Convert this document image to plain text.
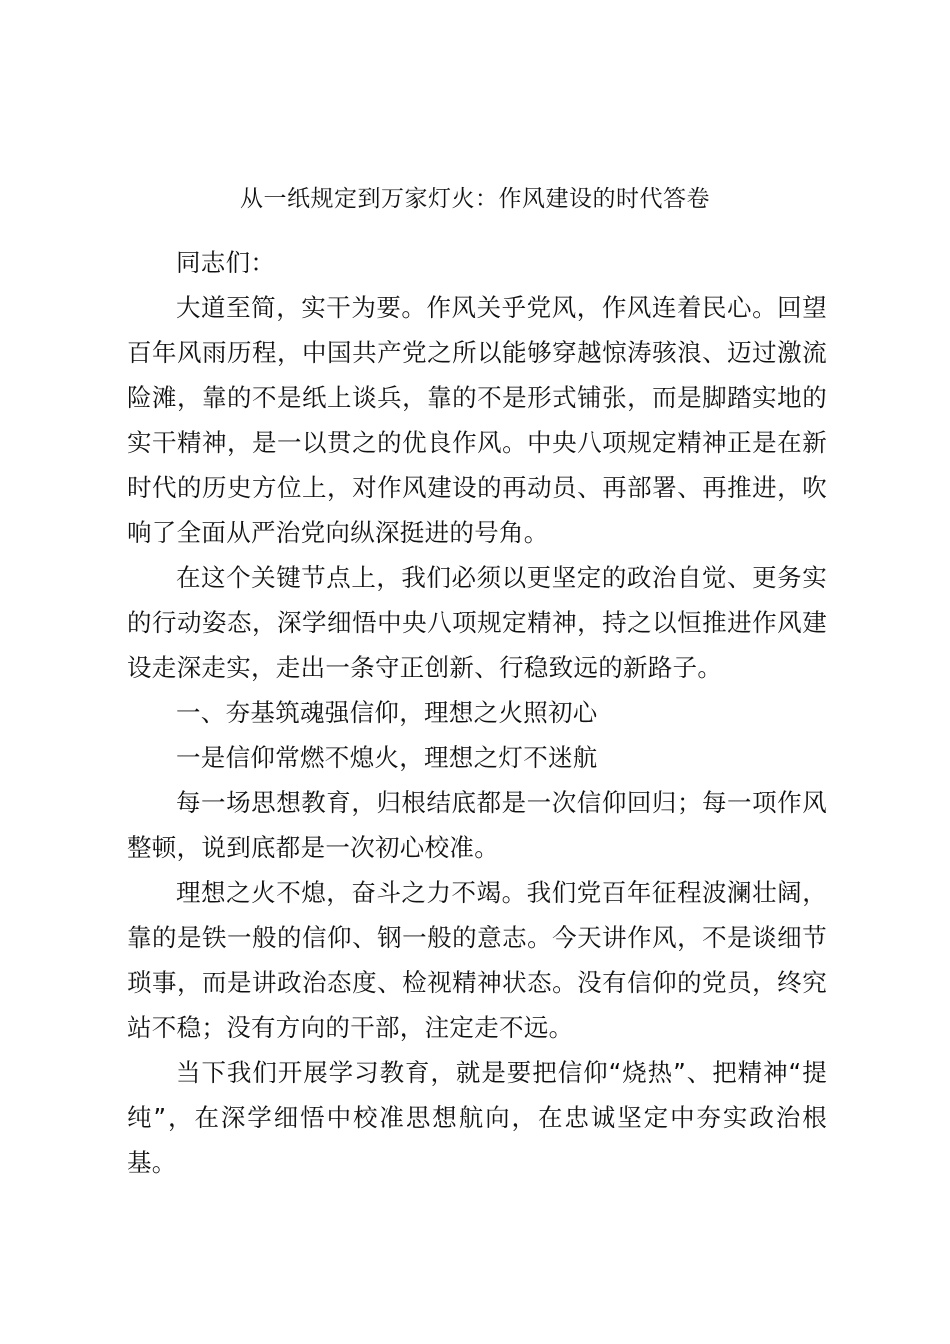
从一纸规定到万家灯火：作风建设的时代答卷

同志们：

大道至简，实干为要。作风关乎党风，作风连着民心。回望百年风雨历程，中国共产党之所以能够穿越惊涛骇浪、迈过激流险滩，靠的不是纸上谈兵，靠的不是形式铺张，而是脚踏实地的实干精神，是一以贯之的优良作风。中央八项规定精神正是在新时代的历史方位上，对作风建设的再动员、再部署、再推进，吹响了全面从严治党向纵深挺进的号角。

在这个关键节点上，我们必须以更坚定的政治自觉、更务实的行动姿态，深学细悟中央八项规定精神，持之以恒推进作风建设走深走实，走出一条守正创新、行稳致远的新路子。

一、夯基筑魂强信仰，理想之火照初心

一是信仰常燃不熄火，理想之灯不迷航

每一场思想教育，归根结底都是一次信仰回归；每一项作风整顿，说到底都是一次初心校准。

理想之火不熄，奋斗之力不竭。我们党百年征程波澜壮阔，靠的是铁一般的信仰、钢一般的意志。今天讲作风，不是谈细节琐事，而是讲政治态度、检视精神状态。没有信仰的党员，终究站不稳；没有方向的干部，注定走不远。

当下我们开展学习教育，就是要把信仰“烧热”、把精神“提纯”，在深学细悟中校准思想航向，在忠诚坚定中夯实政治根基。
